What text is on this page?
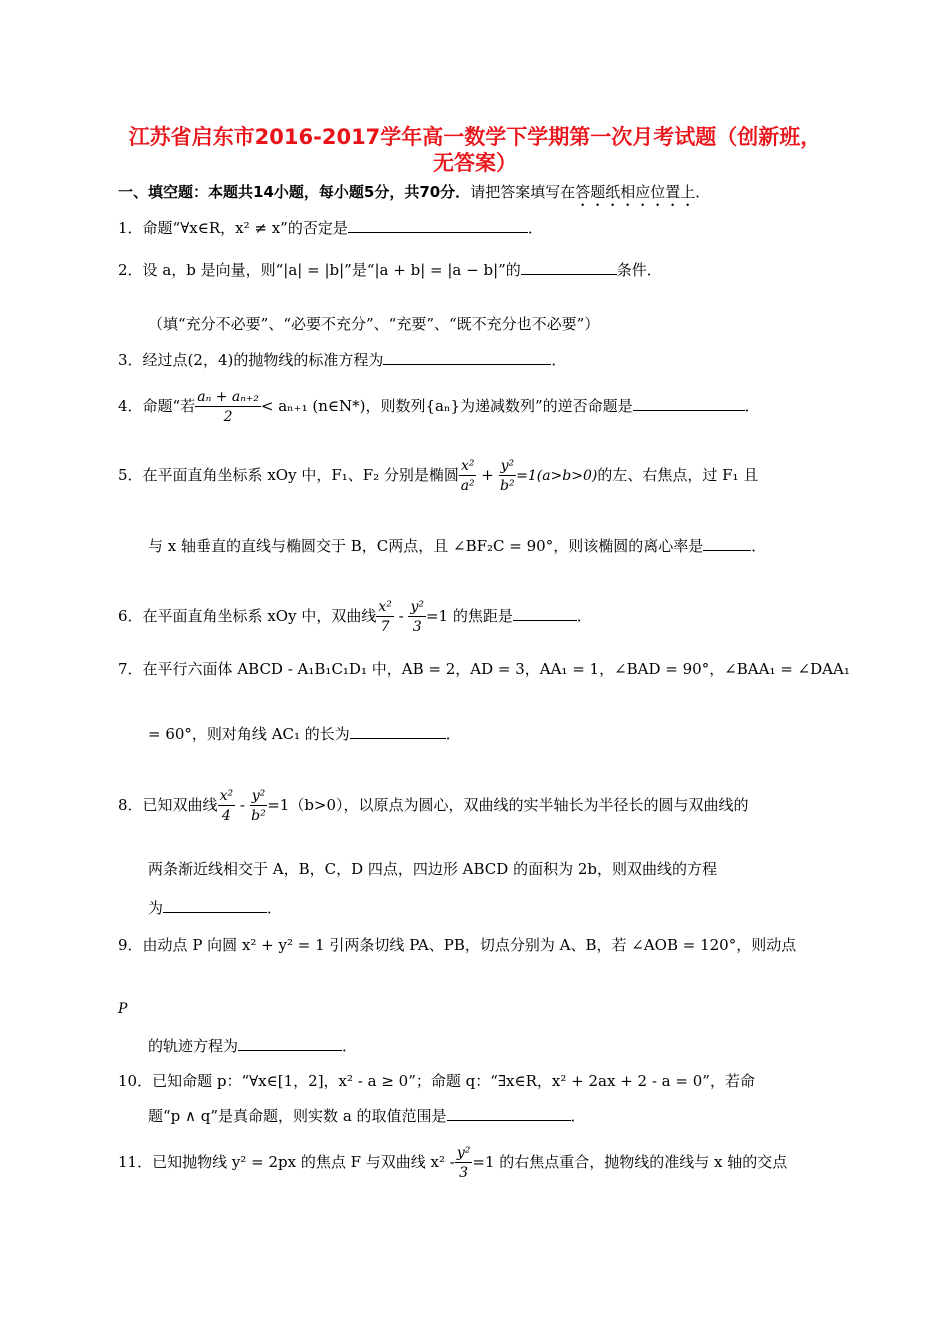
江苏省启东市2016-2017学年高一数学下学期第一次月考试题（创新班，
无答案）
一、填空题：本题共14小题，每小题5分，共70分．请把答案填写在答题纸相应位置上．
1．命题“∀x∈R，x² ≠ x”的否定是	．
2．设 a，b 是向量，则“|a| = |b|”是“|a + b| = |a − b|”的	条件．
（填“充分不必要”、“必要不充分”、“充要”、“既不充分也不必要”）
3．经过点(2，4)的抛物线的标准方程为	．
4．命题“若 $\frac{\text{aₙ + aₙ₊₂}}{2} < a_{n+1}$ (n∈N*)，则数列{aₙ}为递减数列”的逆否命题是	．
5．在平面直角坐标系 xOy 中，F₁、F₂ 分别是椭圆 $\frac{\text{x²}}{\text{a²}} + \frac{\text{y²}}{\text{b²}} =1(a>b>0)$的左、右焦点，过 F₁ 且
与 x 轴垂直的直线与椭圆交于 B，C两点，且 ∠BF₂C = 90°，则该椭圆的离心率是	．
6．在平面直角坐标系 xOy 中，双曲线 $\frac{\text{x²}}{7} - \frac{\text{y²}}{3} =1$ 的焦距是	．
7．在平行六面体 ABCD - A₁B₁C₁D₁ 中，AB = 2，AD = 3，AA₁ = 1，∠BAD = 90°，∠BAA₁ = ∠DAA₁
= 60°，则对角线 AC₁ 的长为	．
8．已知双曲线 $\frac{\text{x²}}{4} - \frac{\text{y²}}{\text{b²}} =1(b>0)$，以原点为圆心，双曲线的实半轴长为半径长的圆与双曲线的
两条渐近线相交于 A，B，C，D 四点，四边形 ABCD 的面积为 2b，则双曲线的方程
为	．
9．由动点 P 向圆 x² + y² = 1 引两条切线 PA、PB，切点分别为 A、B，若 ∠AOB = 120°，则动点
P
的轨迹方程为	．
10．已知命题 p：“∀x∈[1，2]，x² - a ≥ 0”；命题 q：“∃x∈R，x² + 2ax + 2 - a = 0”，若命
题“p ∧ q”是真命题，则实数 a 的取值范围是	．
11．已知抛物线 y² = 2px 的焦点 F 与双曲线 $x^2 - \frac{\text{y²}}{3} =1$ 的右焦点重合，抛物线的准线与 x 轴的交点
